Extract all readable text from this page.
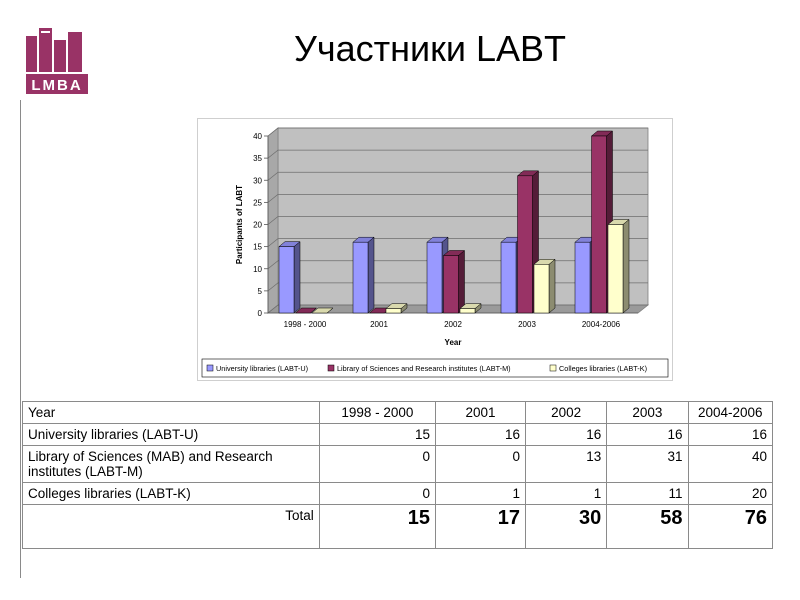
LMBA
Участники LABT
0
5
10
15
20
25
30
35
40
1998 - 2000	2001	2002	2003	2004-2006
Year
Participants of LABT
University libraries (LABT-U)	Library of Sciences and Research institutes (LABT-M)	Colleges libraries (LABT-K)
Year	1998 - 2000	2001	2002	2003	2004-2006
University libraries (LABT-U)	15	16	16	16	16
Library of Sciences (MAB) and Research institutes (LABT-M)	0	0	13	31	40
Colleges libraries (LABT-K)	0	1	1	11	20
Total	15	17	30	58	76
